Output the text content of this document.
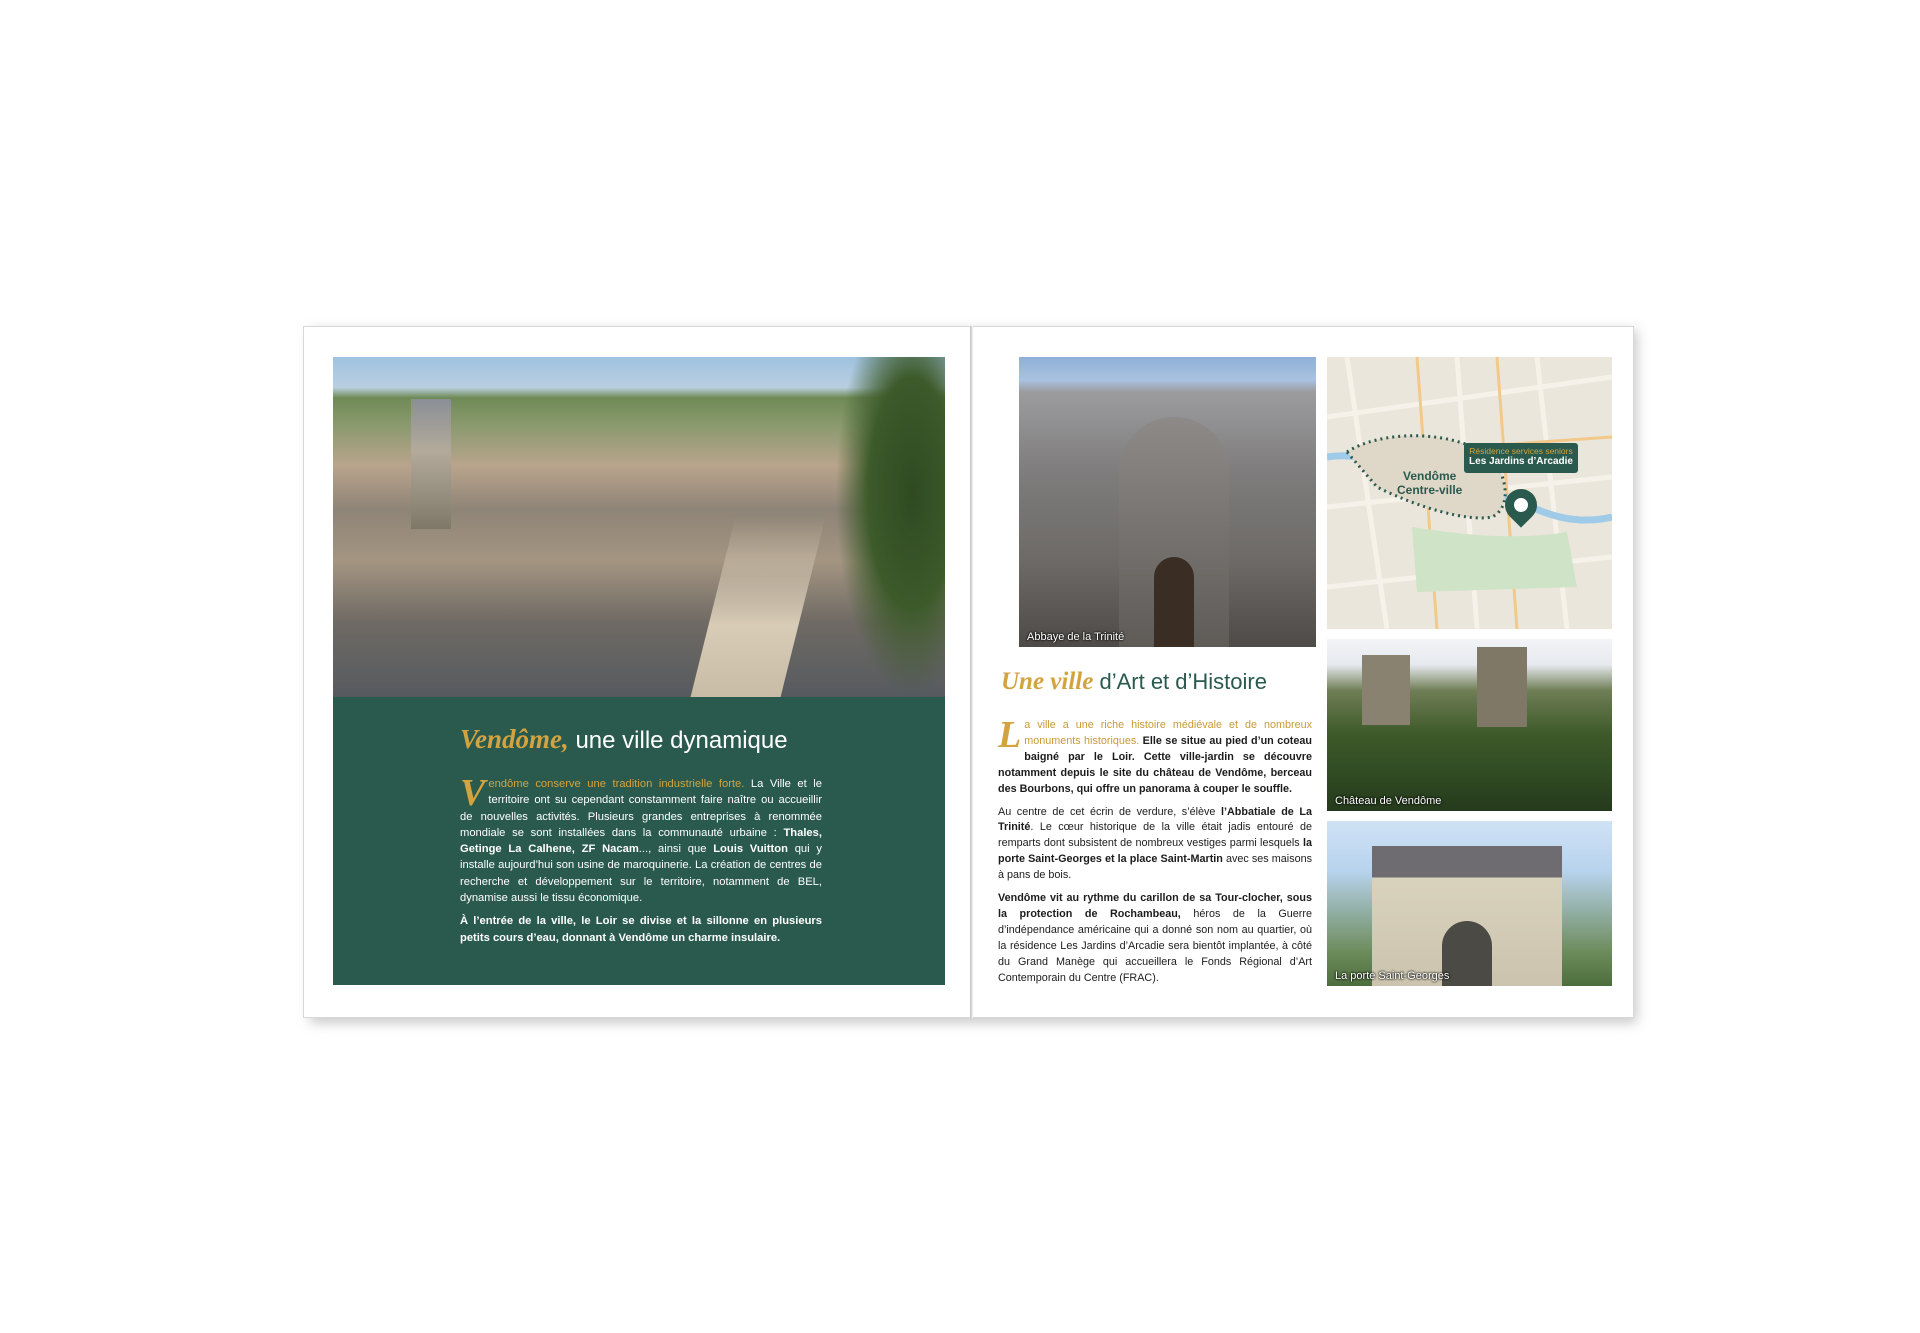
Vendôme, une ville dynamique

Vendôme conserve une tradition industrielle forte. La Ville et le territoire ont su cependant constamment faire naître ou accueillir de nouvelles activités. Plusieurs grandes entreprises à renommée mondiale se sont installées dans la communauté urbaine : Thales, Getinge La Calhene, ZF Nacam..., ainsi que Louis Vuitton qui y installe aujourd’hui son usine de maroquinerie. La création de centres de recherche et développement sur le territoire, notamment de BEL, dynamise aussi le tissu économique.

À l’entrée de la ville, le Loir se divise et la sillonne en plusieurs petits cours d’eau, donnant à Vendôme un charme insulaire.

Abbaye de la Trinité
Résidence services seniors
Les Jardins d’Arcadie
Vendôme
Centre-ville
Une ville d’Art et d’Histoire

La ville a une riche histoire médiévale et de nombreux monuments historiques. Elle se situe au pied d’un coteau baigné par le Loir. Cette ville-jardin se découvre notamment depuis le site du château de Vendôme, berceau des Bourbons, qui offre un panorama à couper le souffle.

Au centre de cet écrin de verdure, s’élève l’Abbatiale de La Trinité. Le cœur historique de la ville était jadis entouré de remparts dont subsistent de nombreux vestiges parmi lesquels la porte Saint-Georges et la place Saint-Martin avec ses maisons à pans de bois.

Vendôme vit au rythme du carillon de sa Tour-clocher, sous la protection de Rochambeau, héros de la Guerre d’indépendance américaine qui a donné son nom au quartier, où la résidence Les Jardins d’Arcadie sera bientôt implantée, à côté du Grand Manège qui accueillera le Fonds Régional d’Art Contemporain du Centre (FRAC).

Château de Vendôme
La porte Saint-Georges
